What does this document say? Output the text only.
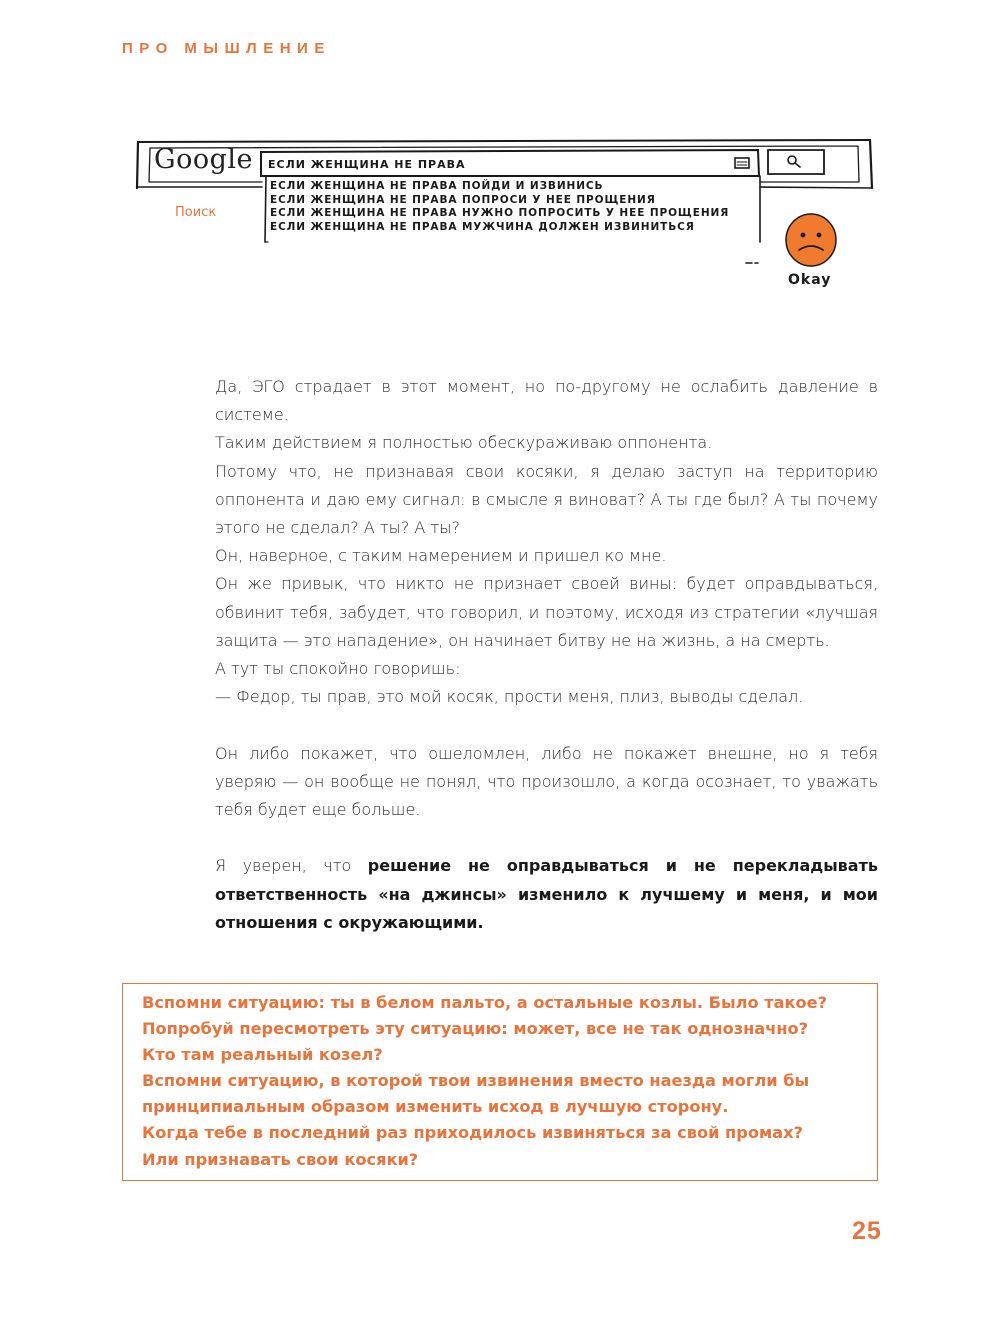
ПРО МЫШЛЕНИЕ
Google
Поиск
ЕСЛИ ЖЕНЩИНА НЕ ПРАВА
ЕСЛИ ЖЕНЩИНА НЕ ПРАВА ПОЙДИ И ИЗВИНИСЬ
ЕСЛИ ЖЕНЩИНА НЕ ПРАВА ПОПРОСИ У НЕЕ ПРОЩЕНИЯ
ЕСЛИ ЖЕНЩИНА НЕ ПРАВА НУЖНО ПОПРОСИТЬ У НЕЕ ПРОЩЕНИЯ
ЕСЛИ ЖЕНЩИНА НЕ ПРАВА МУЖЧИНА ДОЛЖЕН ИЗВИНИТЬСЯ
Okay

Да, ЭГО страдает в этот момент, но по-другому не ослабить давление в системе.

Таким действием я полностью обескураживаю оппонента.

Потому что, не признавая свои косяки, я делаю заступ на территорию оппонента и даю ему сигнал: в смысле я виноват? А ты где был? А ты почему этого не сделал? А ты? А ты?

Он, наверное, с таким намерением и пришел ко мне.

Он же привык, что никто не признает своей вины: будет оправдываться, обвинит тебя, забудет, что говорил, и поэтому, исходя из стратегии «лучшая защита — это нападение», он начинает битву не на жизнь, а на смерть.

А тут ты спокойно говоришь:

— Федор, ты прав, это мой косяк, прости меня, плиз, выводы сделал.

Он либо покажет, что ошеломлен, либо не покажет внешне, но я тебя уверяю — он вообще не понял, что произошло, а когда осознает, то уважать тебя будет еще больше.

Я уверен, что решение не оправдываться и не перекладывать ответственность «на джинсы» изменило к лучшему и меня, и мои отношения с окружающими.

Вспомни ситуацию: ты в белом пальто, а остальные козлы. Было такое?

Попробуй пересмотреть эту ситуацию: может, все не так однозначно?

Кто там реальный козел?

Вспомни ситуацию, в которой твои извинения вместо наезда могли бы

принципиальным образом изменить исход в лучшую сторону.

Когда тебе в последний раз приходилось извиняться за свой промах?

Или признавать свои косяки?

25
